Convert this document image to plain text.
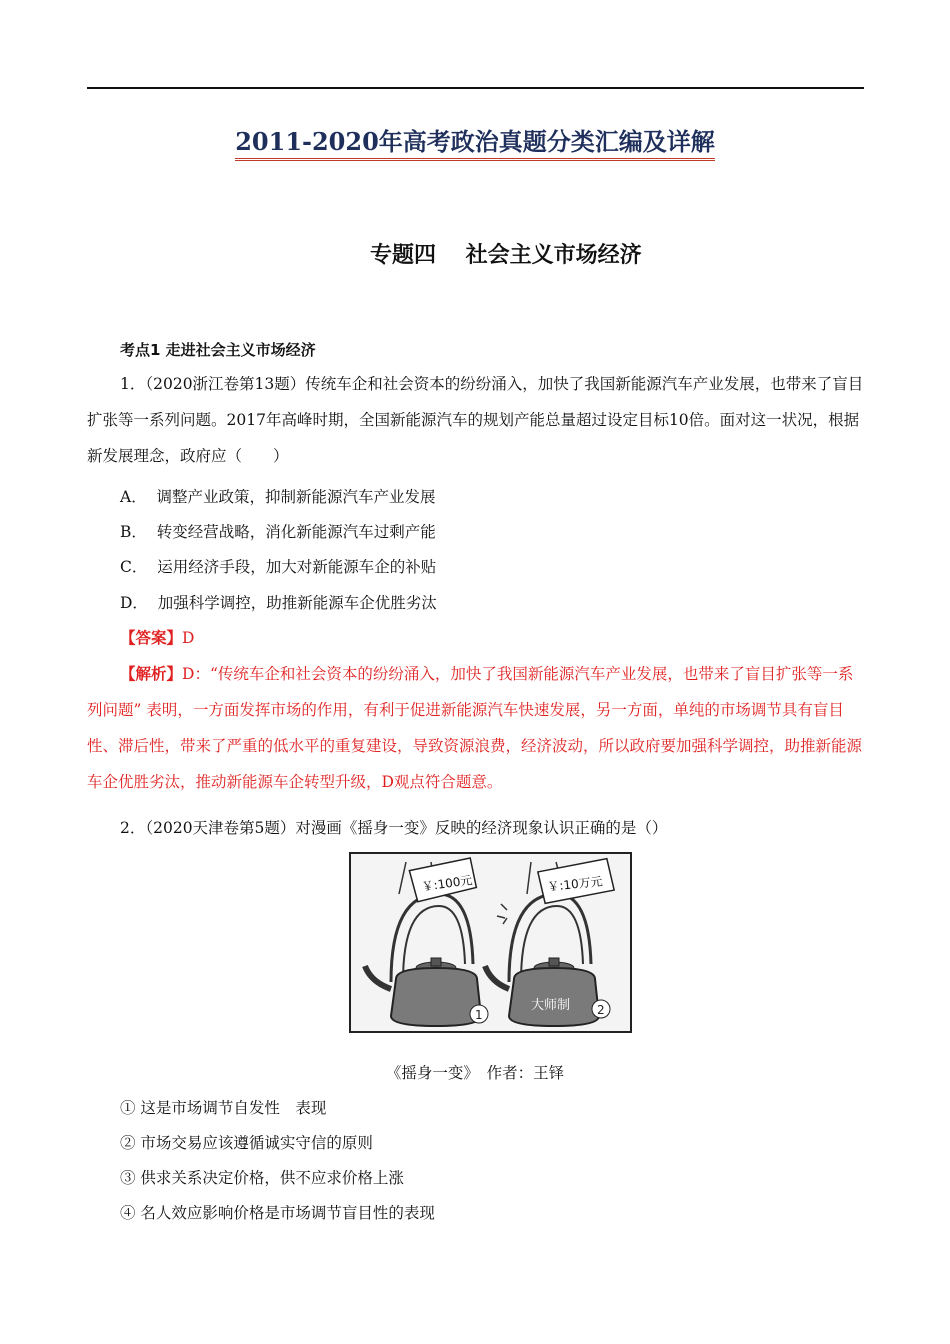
2011-2020年高考政治真题分类汇编及详解
专题四　 社会主义市场经济
考点1 走进社会主义市场经济
1．（2020浙江卷第13题）传统车企和社会资本的纷纷涌入，加快了我国新能源汽车产业发展，也带来了盲目扩张等一系列问题。2017年高峰时期，全国新能源汽车的规划产能总量超过设定目标10倍。面对这一状况，根据新发展理念，政府应（　　）
A．  调整产业政策，抑制新能源汽车产业发展
B．  转变经营战略，消化新能源汽车过剩产能
C．  运用经济手段，加大对新能源车企的补贴
D．  加强科学调控，助推新能源车企优胜劣汰
【答案】D
【解析】D：“传统车企和社会资本的纷纷涌入，加快了我国新能源汽车产业发展，也带来了盲目扩张等一系列问题” 表明，一方面发挥市场的作用，有利于促进新能源汽车快速发展，另一方面，单纯的市场调节具有盲目性、滞后性，带来了严重的低水平的重复建设，导致资源浪费，经济波动，所以政府要加强科学调控，助推新能源车企优胜劣汰，推动新能源车企转型升级，D观点符合题意。
2．（2020天津卷第5题）对漫画《摇身一变》反映的经济现象认识正确的是（）
1
￥:100元
大师制 2
￥:10万元
《摇身一变》　作者：王铎
① 这是市场调节自发性　表现
② 市场交易应该遵循诚实守信的原则
③ 供求关系决定价格，供不应求价格上涨
④ 名人效应影响价格是市场调节盲目性的表现
